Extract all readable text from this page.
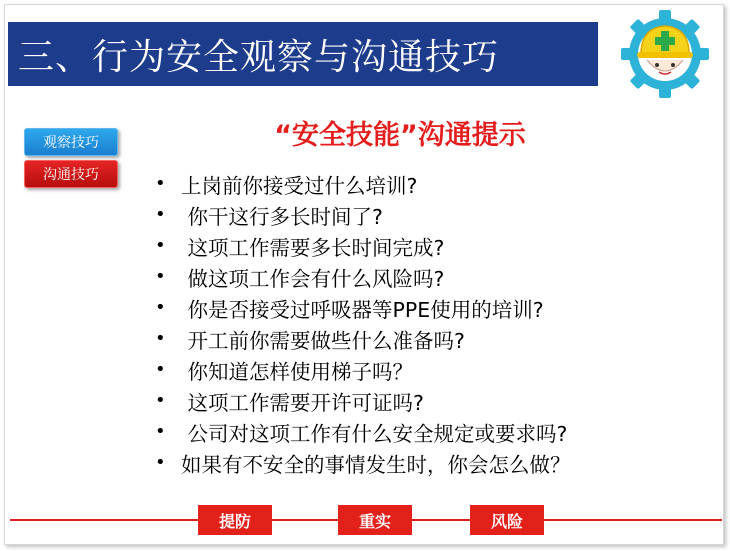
三、行为安全观察与沟通技巧
观察技巧
沟通技巧
“安全技能”沟通提示
• 上岗前你接受过什么培训?
• 你干这行多长时间了?
• 这项工作需要多长时间完成?
• 做这项工作会有什么风险吗?
• 你是否接受过呼吸器等PPE使用的培训?
• 开工前你需要做些什么准备吗?
• 你知道怎样使用梯子吗？
• 这项工作需要开许可证吗?
• 公司对这项工作有什么安全规定或要求吗?
• 如果有不安全的事情发生时，你会怎么做？
提防	重实	风险
